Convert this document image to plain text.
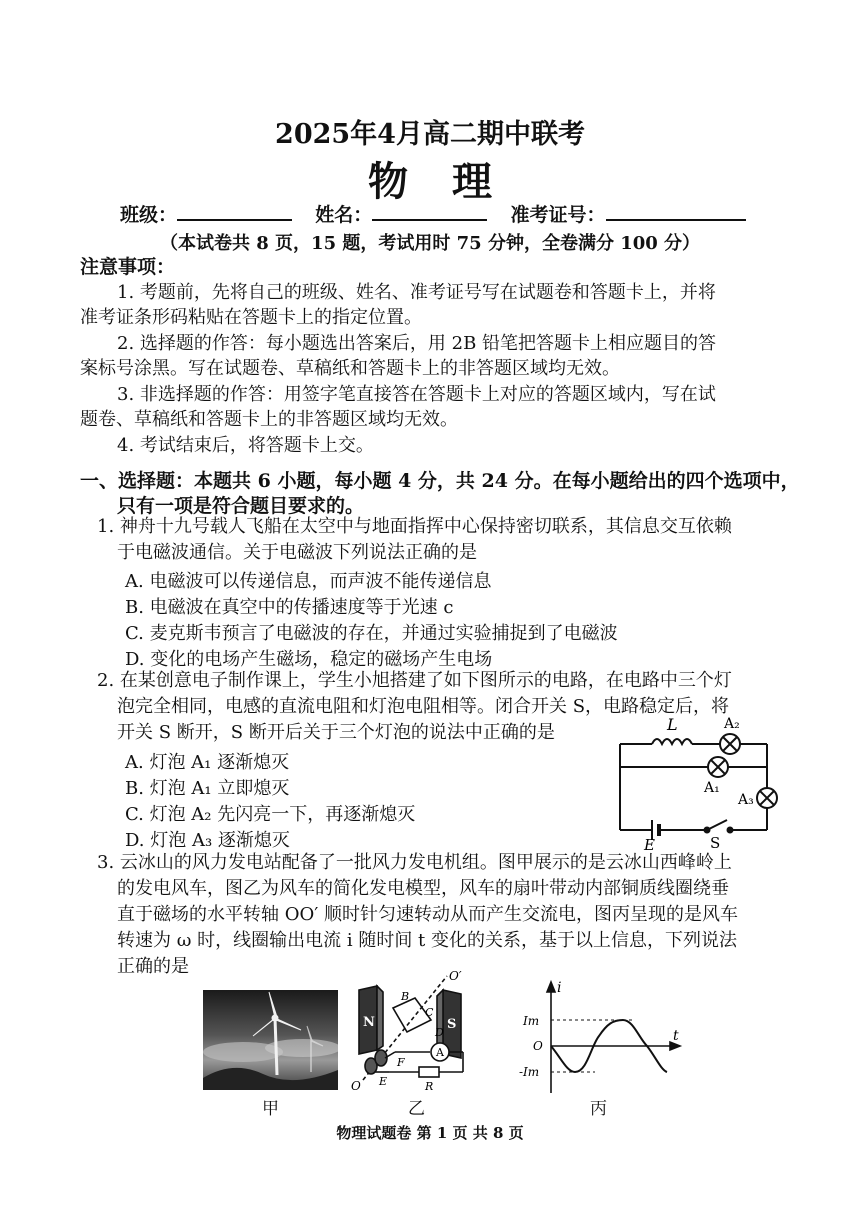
2025年4月高二期中联考
物理
班级：	姓名：	准考证号：
（本试卷共 8 页，15 题，考试用时 75 分钟，全卷满分 100 分）
注意事项：
1. 考题前，先将自己的班级、姓名、准考证号写在试题卷和答题卡上，并将
准考证条形码粘贴在答题卡上的指定位置。
2. 选择题的作答：每小题选出答案后，用 2B 铅笔把答题卡上相应题目的答
案标号涂黑。写在试题卷、草稿纸和答题卡上的非答题区域均无效。
3. 非选择题的作答：用签字笔直接答在答题卡上对应的答题区域内，写在试
题卷、草稿纸和答题卡上的非答题区域均无效。
4. 考试结束后，将答题卡上交。
一、选择题：本题共 6 小题，每小题 4 分，共 24 分。在每小题给出的四个选项中，
只有一项是符合题目要求的。
1. 神舟十九号载人飞船在太空中与地面指挥中心保持密切联系，其信息交互依赖
于电磁波通信。关于电磁波下列说法正确的是
A. 电磁波可以传递信息，而声波不能传递信息
B. 电磁波在真空中的传播速度等于光速 c
C. 麦克斯韦预言了电磁波的存在，并通过实验捕捉到了电磁波
D. 变化的电场产生磁场，稳定的磁场产生电场
2. 在某创意电子制作课上，学生小旭搭建了如下图所示的电路，在电路中三个灯
泡完全相同，电感的直流电阻和灯泡电阻相等。闭合开关 S，电路稳定后，将
开关 S 断开，S 断开后关于三个灯泡的说法中正确的是
A. 灯泡 A₁ 逐渐熄灭
B. 灯泡 A₁ 立即熄灭
C. 灯泡 A₂ 先闪亮一下，再逐渐熄灭
D. 灯泡 A₃ 逐渐熄灭
L	A₂
A₁
A₃
E	S
3. 云冰山的风力发电站配备了一批风力发电机组。图甲展示的是云冰山西峰岭上
的发电风车，图乙为风车的简化发电模型，风车的扇叶带动内部铜质线圈绕垂
直于磁场的水平转轴 OO′ 顺时针匀速转动从而产生交流电，图丙呈现的是风车
转速为 ω 时，线圈输出电流 i 随时间 t 变化的关系，基于以上信息，下列说法
正确的是	O′
B
C
D
N	S
A
F
E	R
O
i
t
Im
O
-Im
甲	乙	丙
物理试题卷 第 1 页 共 8 页
